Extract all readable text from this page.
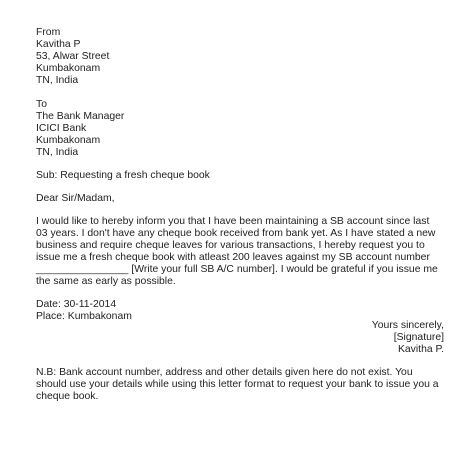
From
Kavitha P
53, Alwar Street
Kumbakonam
TN, India
To
The Bank Manager
ICICI Bank
Kumbakonam
TN, India
Sub: Requesting a fresh cheque book
Dear Sir/Madam,
I would like to hereby inform you that I have been maintaining a SB account since last
03 years. I don't have any cheque book received from bank yet. As I have stated a new
business and require cheque leaves for various transactions, I hereby request you to
issue me a fresh cheque book with atleast 200 leaves against my SB account number
________________ [Write your full SB A/C number]. I would be grateful if you issue me
the same as early as possible.
Date: 30-11-2014
Place: Kumbakonam
Yours sincerely,
[Signature]
Kavitha P.
N.B: Bank account number, address and other details given here do not exist. You
should use your details while using this letter format to request your bank to issue you a
cheque book.
